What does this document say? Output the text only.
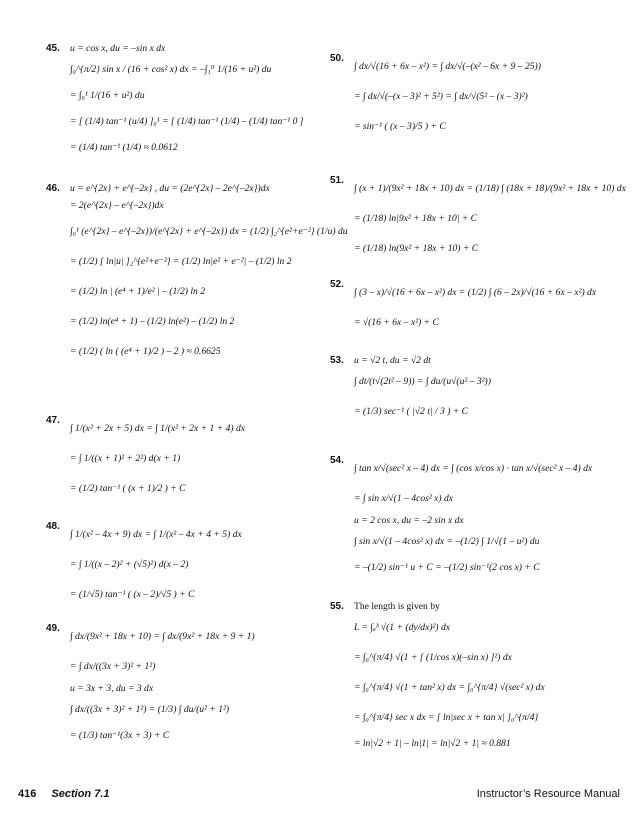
45. u = cos x, du = –sin x dx
∫₀^{π/2} sin x / (16 + cos² x) dx = –∫₁⁰ 1/(16 + u²) du
= ∫₀¹ 1/(16 + u²) du
= [ (1/4) tan⁻¹ (u/4) ]₀¹ = [ (1/4) tan⁻¹ (1/4) – (1/4) tan⁻¹ 0 ]
= (1/4) tan⁻¹ (1/4) ≈ 0.0612
46. u = e^{2x} + e^{–2x} , du = (2e^{2x} – 2e^{–2x})dx
= 2(e^{2x} – e^{–2x})dx
∫₀¹ (e^{2x} – e^{–2x})/(e^{2x} + e^{–2x}) dx = (1/2) ∫₂^{e²+e⁻²} (1/u) du
= (1/2) [ ln|u| ]₂^{e²+e⁻²} = (1/2) ln|e² + e⁻²| – (1/2) ln 2
= (1/2) ln | (e⁴ + 1)/e² | – (1/2) ln 2
= (1/2) ln(e⁴ + 1) – (1/2) ln(e²) – (1/2) ln 2
= (1/2) ( ln ( (e⁴ + 1)/2 ) – 2 ) ≈ 0.6625
47.
∫ 1/(x² + 2x + 5) dx = ∫ 1/(x² + 2x + 1 + 4) dx
= ∫ 1/((x + 1)² + 2²) d(x + 1)
= (1/2) tan⁻¹ ( (x + 1)/2 ) + C
48.
∫ 1/(x² – 4x + 9) dx = ∫ 1/(x² – 4x + 4 + 5) dx
= ∫ 1/((x – 2)² + (√5)²) d(x – 2)
= (1/√5) tan⁻¹ ( (x – 2)/√5 ) + C
49.
∫ dx/(9x² + 18x + 10) = ∫ dx/(9x² + 18x + 9 + 1)
= ∫ dx/((3x + 3)² + 1²)
u = 3x + 3, du = 3 dx
∫ dx/((3x + 3)² + 1²) = (1/3) ∫ du/(u² + 1²)
= (1/3) tan⁻¹(3x + 3) + C
50.
∫ dx/√(16 + 6x – x²) = ∫ dx/√(–(x² – 6x + 9 – 25))
= ∫ dx/√(–(x – 3)² + 5²) = ∫ dx/√(5² – (x – 3)²)
= sin⁻¹ ( (x – 3)/5 ) + C
51.
∫ (x + 1)/(9x² + 18x + 10) dx = (1/18) ∫ (18x + 18)/(9x² + 18x + 10) dx
= (1/18) ln|9x² + 18x + 10| + C
= (1/18) ln(9x² + 18x + 10) + C
52.
∫ (3 – x)/√(16 + 6x – x²) dx = (1/2) ∫ (6 – 2x)/√(16 + 6x – x²) dx
= √(16 + 6x – x²) + C
53. u = √2 t, du = √2 dt
∫ dt/(t√(2t² – 9)) = ∫ du/(u√(u² – 3²))
= (1/3) sec⁻¹ ( |√2 t| / 3 ) + C
54.
∫ tan x/√(sec² x – 4) dx = ∫ (cos x/cos x) · tan x/√(sec² x – 4) dx
= ∫ sin x/√(1 – 4cos² x) dx
u = 2 cos x, du = –2 sin x dx
∫ sin x/√(1 – 4cos² x) dx = –(1/2) ∫ 1/√(1 – u²) du
= –(1/2) sin⁻¹ u + C = –(1/2) sin⁻¹(2 cos x) + C
55. The length is given by
L = ∫ₐᵇ √(1 + (dy/dx)²) dx
= ∫₀^{π/4} √(1 + [ (1/cos x)(–sin x) ]²) dx
= ∫₀^{π/4} √(1 + tan² x) dx = ∫₀^{π/4} √(sec² x) dx
= ∫₀^{π/4} sec x dx = [ ln|sec x + tan x| ]₀^{π/4}
= ln|√2 + 1| – ln|1| = ln|√2 + 1| ≈ 0.881
416 Section 7.1	Instructor’s Resource Manual
